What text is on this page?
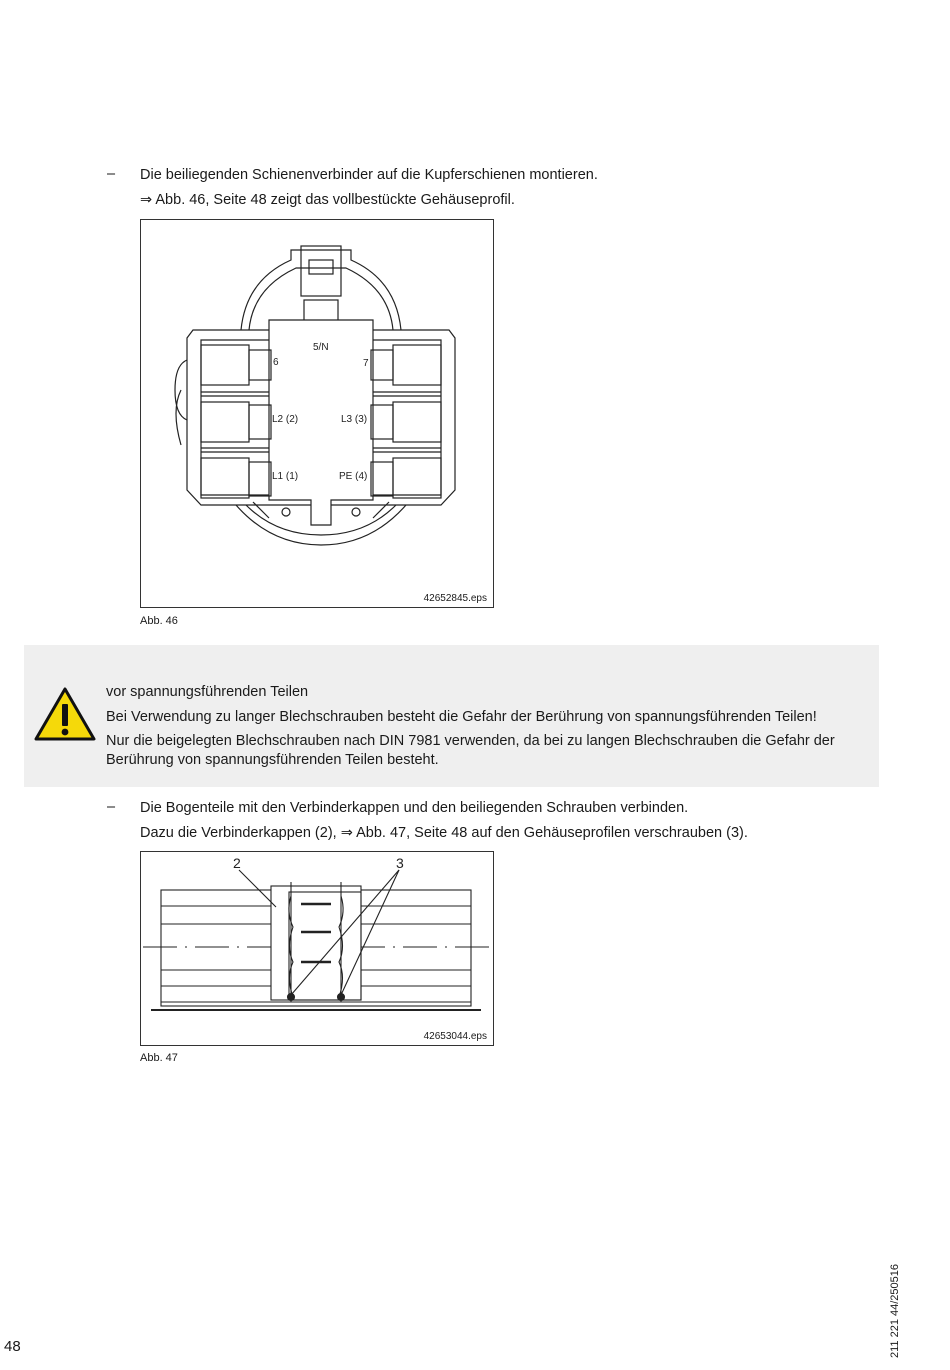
– Die beiliegenden Schienenverbinder auf die Kupferschienen montieren.
⇒ Abb. 46, Seite 48 zeigt das vollbestückte Gehäuseprofil.
5/N
6	7
L2 (2)	L3 (3)
L1 (1)	PE (4)
42652845.eps
Abb. 46
vor spannungsführenden Teilen
Bei Verwendung zu langer Blechschrauben besteht die Gefahr der Berührung von spannungsführenden Teilen!
Nur die beigelegten Blechschrauben nach DIN 7981 verwenden, da bei zu langen Blechschrauben die Gefahr der Berührung von spannungsführenden Teilen besteht.
– Die Bogenteile mit den Verbinderkappen und den beiliegenden Schrauben verbinden.
Dazu die Verbinderkappen (2), ⇒ Abb. 47, Seite 48 auf den Gehäuseprofilen verschrauben (3).
2	3
42653044.eps
Abb. 47
48	211 221 44/250516
